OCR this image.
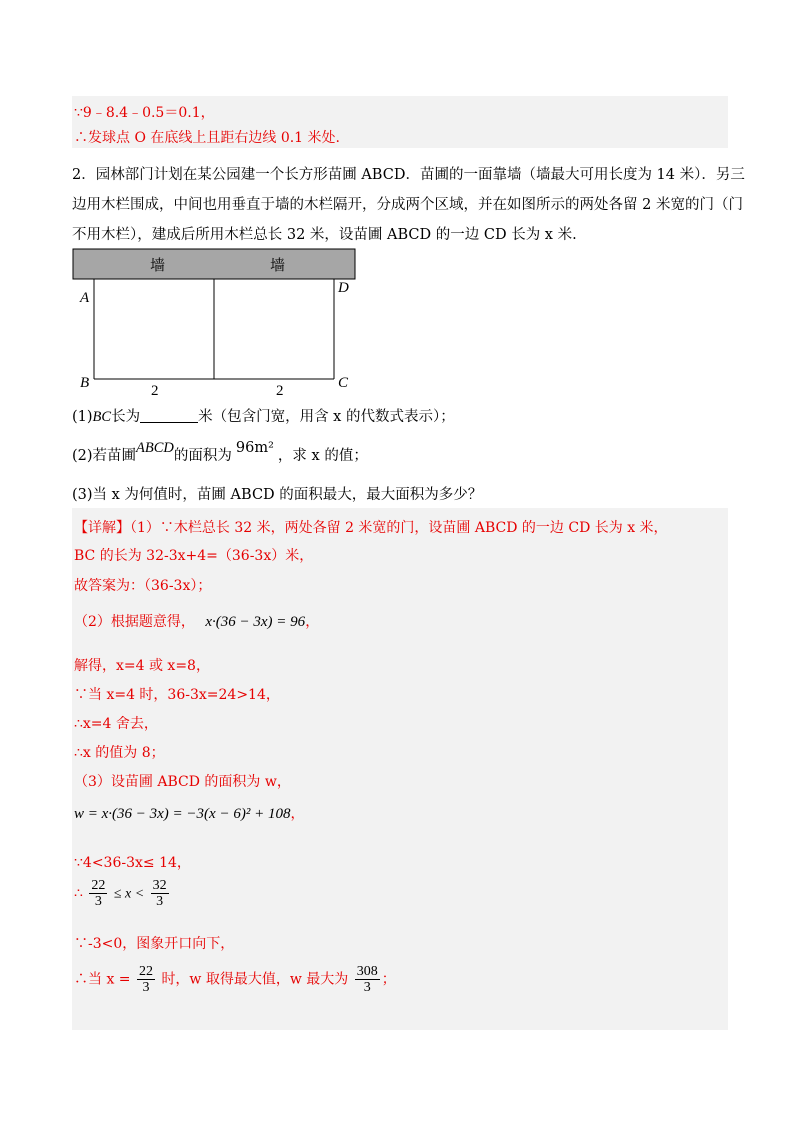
∵9﹣8.4﹣0.5＝0.1，
∴发球点 O 在底线上且距右边线 0.1 米处.
2．园林部门计划在某公园建一个长方形苗圃 ABCD．苗圃的一面靠墙（墙最大可用长度为 14 米）．另三
边用木栏围成，中间也用垂直于墙的木栏隔开，分成两个区域，并在如图所示的两处各留 2 米宽的门（门
不用木栏），建成后所用木栏总长 32 米，设苗圃 ABCD 的一边 CD 长为 x 米.
墙	墙
A
D
B	C
2	2
(1)BC长为	米（包含门宽，用含 x 的代数式表示）；
(2)若苗圃ABCD的面积为 96m² ，求 x 的值；
(3)当 x 为何值时，苗圃 ABCD 的面积最大，最大面积为多少？
【详解】（1）∵木栏总长 32 米，两处各留 2 米宽的门，设苗圃 ABCD 的一边 CD 长为 x 米，
BC 的长为 32-3x+4=（36-3x）米，
故答案为：（36-3x）；
（2）根据题意得， x·(36 − 3x) = 96，
解得，x=4 或 x=8，
∵当 x=4 时，36-3x=24>14，
∴x=4 舍去，
∴x 的值为 8；
（3）设苗圃 ABCD 的面积为 w，
w = x·(36 − 3x) = −3(x − 6)² + 108，
∵4<36-3x≤ 14，
∴ $\frac{22}{3} \le x < \frac{32}{3}$
∵-3<0，图象开口向下，
∴当 $x = \frac{22}{3}$ 时，w 取得最大值，w 最大为 $\frac{308}{3}$ ；
